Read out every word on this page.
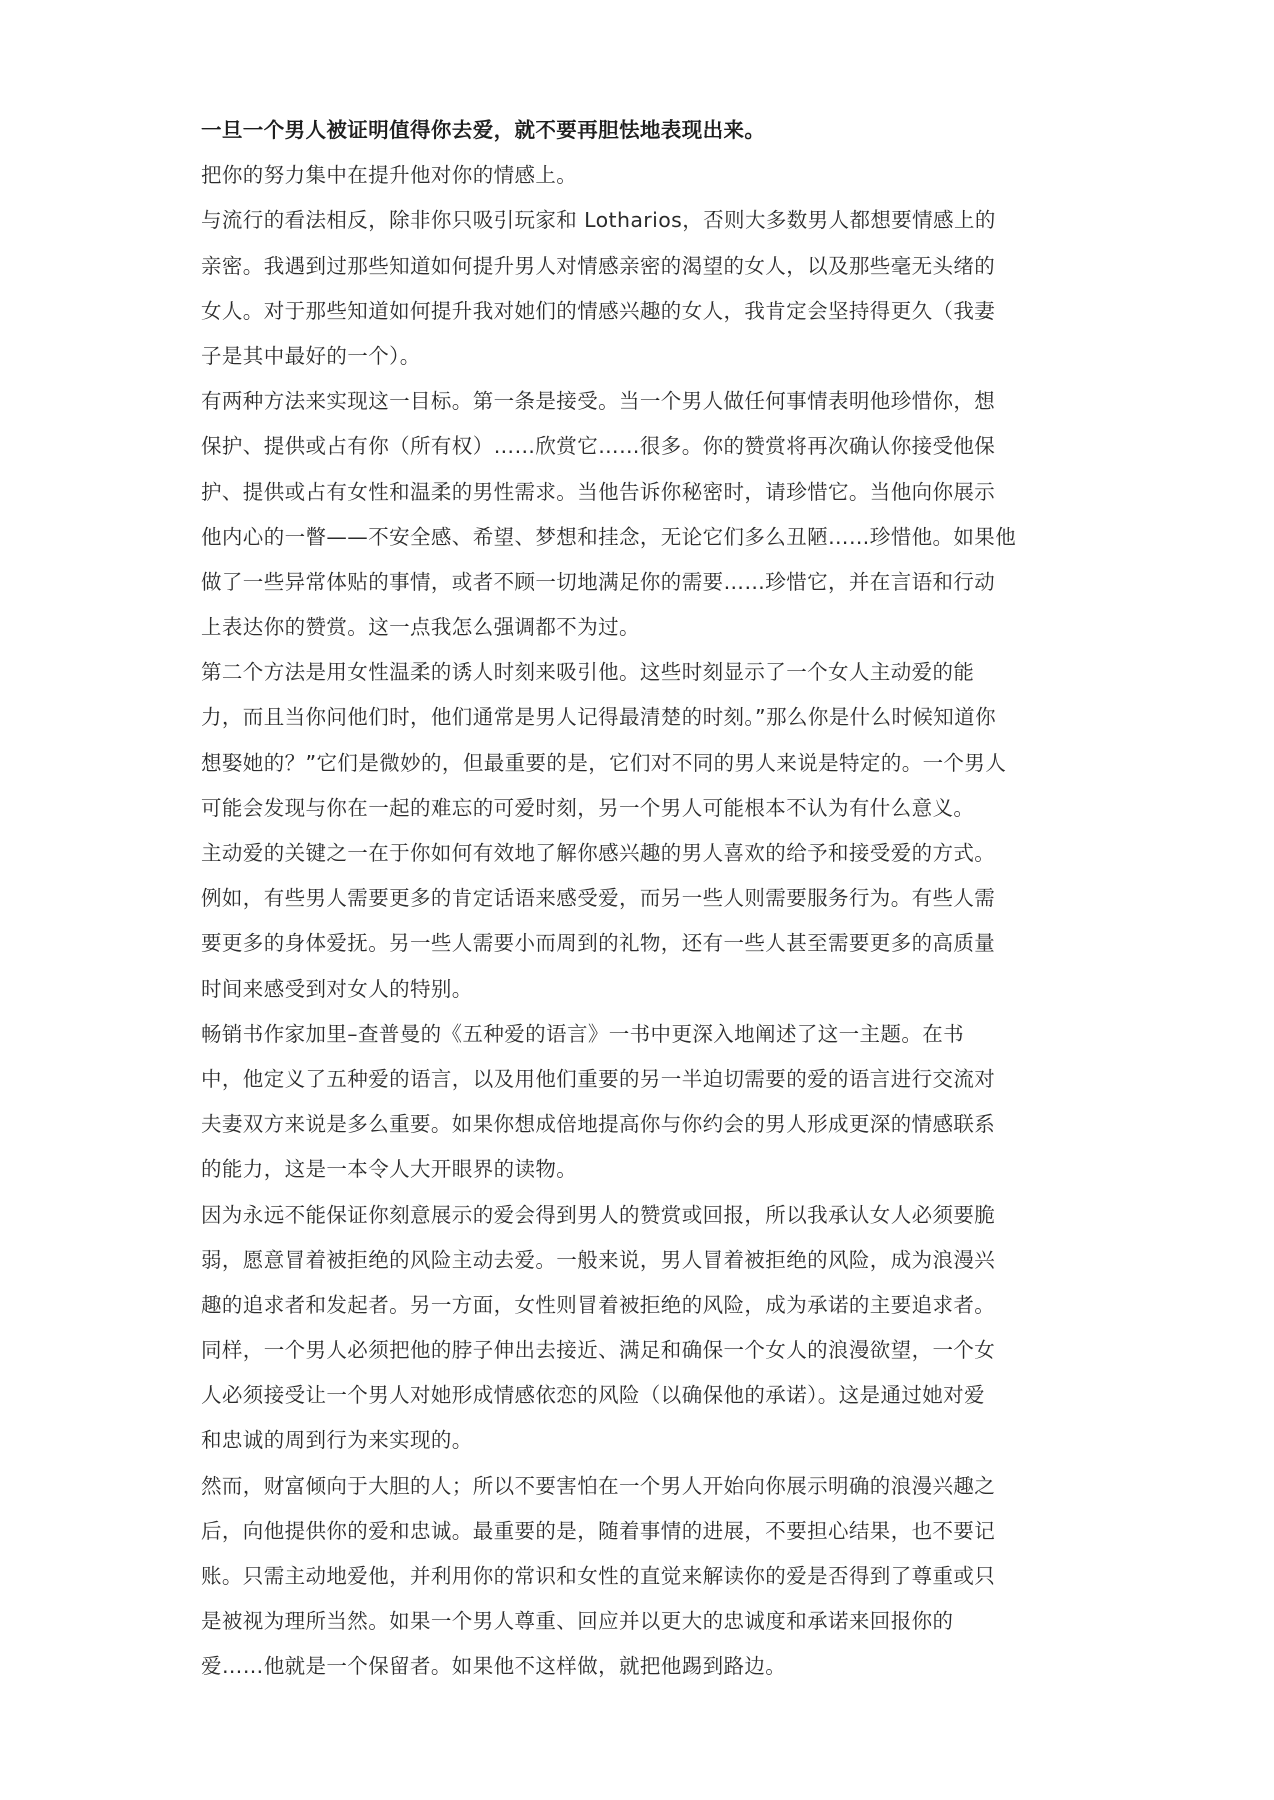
一旦一个男人被证明值得你去爱，就不要再胆怯地表现出来。
把你的努力集中在提升他对你的情感上。
与流行的看法相反，除非你只吸引玩家和 Lotharios，否则大多数男人都想要情感上的
亲密。我遇到过那些知道如何提升男人对情感亲密的渴望的女人，以及那些毫无头绪的
女人。对于那些知道如何提升我对她们的情感兴趣的女人，我肯定会坚持得更久（我妻
子是其中最好的一个）。
有两种方法来实现这一目标。第一条是接受。当一个男人做任何事情表明他珍惜你，想
保护、提供或占有你（所有权）……欣赏它……很多。你的赞赏将再次确认你接受他保
护、提供或占有女性和温柔的男性需求。当他告诉你秘密时，请珍惜它。当他向你展示
他内心的一瞥——不安全感、希望、梦想和挂念，无论它们多么丑陋……珍惜他。如果他
做了一些异常体贴的事情，或者不顾一切地满足你的需要……珍惜它，并在言语和行动
上表达你的赞赏。这一点我怎么强调都不为过。
第二个方法是用女性温柔的诱人时刻来吸引他。这些时刻显示了一个女人主动爱的能
力，而且当你问他们时，他们通常是男人记得最清楚的时刻。”那么你是什么时候知道你
想娶她的？”它们是微妙的，但最重要的是，它们对不同的男人来说是特定的。一个男人
可能会发现与你在一起的难忘的可爱时刻，另一个男人可能根本不认为有什么意义。
主动爱的关键之一在于你如何有效地了解你感兴趣的男人喜欢的给予和接受爱的方式。
例如，有些男人需要更多的肯定话语来感受爱，而另一些人则需要服务行为。有些人需
要更多的身体爱抚。另一些人需要小而周到的礼物，还有一些人甚至需要更多的高质量
时间来感受到对女人的特别。
畅销书作家加里–查普曼的《五种爱的语言》一书中更深入地阐述了这一主题。在书
中，他定义了五种爱的语言，以及用他们重要的另一半迫切需要的爱的语言进行交流对
夫妻双方来说是多么重要。如果你想成倍地提高你与你约会的男人形成更深的情感联系
的能力，这是一本令人大开眼界的读物。
因为永远不能保证你刻意展示的爱会得到男人的赞赏或回报，所以我承认女人必须要脆
弱，愿意冒着被拒绝的风险主动去爱。一般来说，男人冒着被拒绝的风险，成为浪漫兴
趣的追求者和发起者。另一方面，女性则冒着被拒绝的风险，成为承诺的主要追求者。
同样，一个男人必须把他的脖子伸出去接近、满足和确保一个女人的浪漫欲望，一个女
人必须接受让一个男人对她形成情感依恋的风险（以确保他的承诺）。这是通过她对爱
和忠诚的周到行为来实现的。
然而，财富倾向于大胆的人；所以不要害怕在一个男人开始向你展示明确的浪漫兴趣之
后，向他提供你的爱和忠诚。最重要的是，随着事情的进展，不要担心结果，也不要记
账。只需主动地爱他，并利用你的常识和女性的直觉来解读你的爱是否得到了尊重或只
是被视为理所当然。如果一个男人尊重、回应并以更大的忠诚度和承诺来回报你的
爱……他就是一个保留者。如果他不这样做，就把他踢到路边。
